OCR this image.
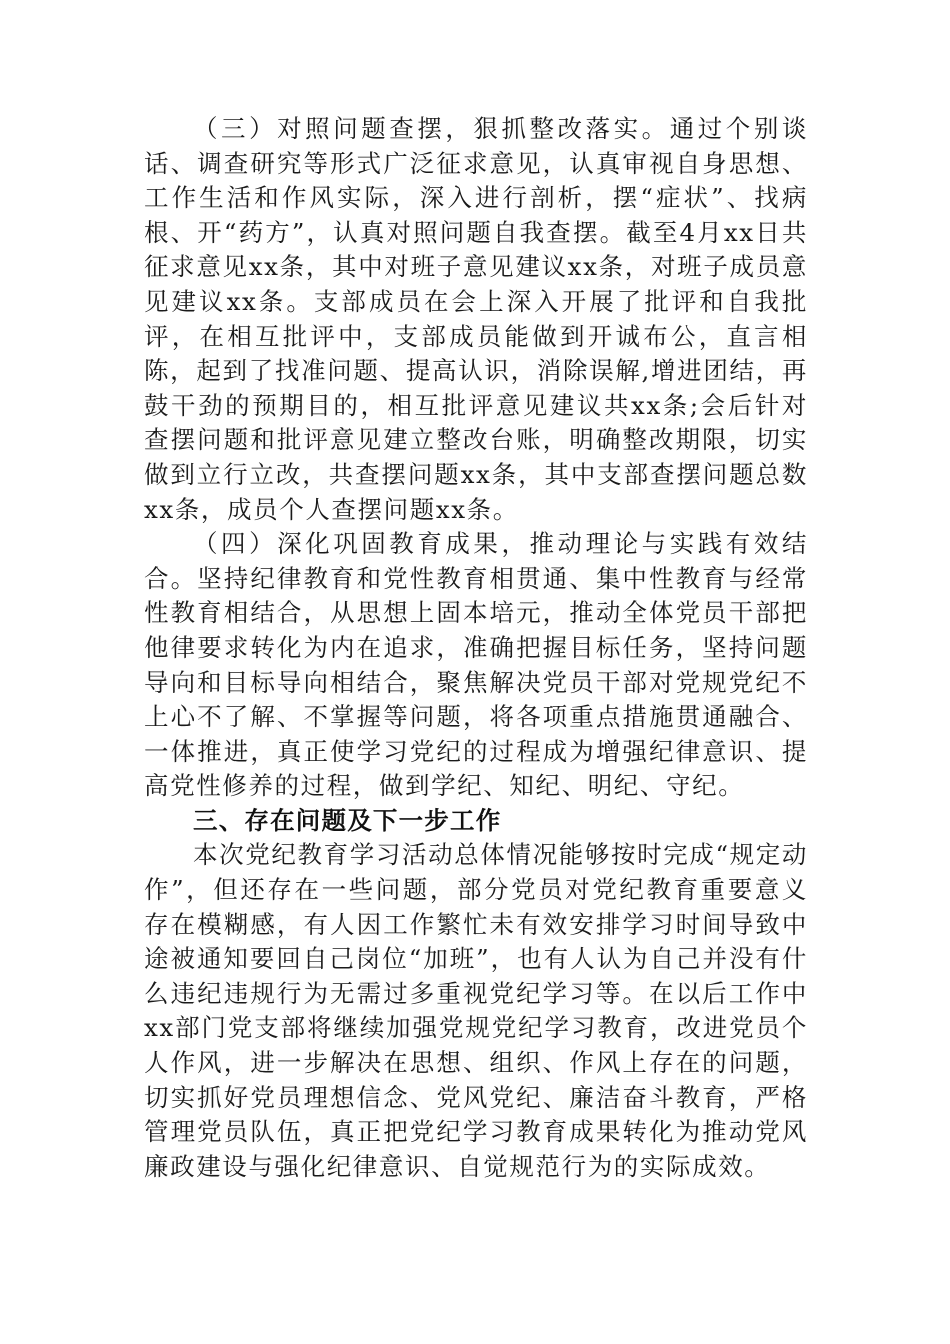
（三）对照问题查摆，狠抓整改落实。通过个别谈话、调查研究等形式广泛征求意见，认真审视自身思想、工作生活和作风实际，深入进行剖析，摆“症状”、找病根、开“药方”，认真对照问题自我查摆。截至4月xx日共征求意见xx条，其中对班子意见建议xx条，对班子成员意见建议xx条。支部成员在会上深入开展了批评和自我批评，在相互批评中，支部成员能做到开诚布公，直言相陈，起到了找准问题、提高认识，消除误解,增进团结，再鼓干劲的预期目的，相互批评意见建议共xx条;会后针对查摆问题和批评意见建立整改台账，明确整改期限，切实做到立行立改，共查摆问题xx条，其中支部查摆问题总数xx条，成员个人查摆问题xx条。

（四）深化巩固教育成果，推动理论与实践有效结合。坚持纪律教育和党性教育相贯通、集中性教育与经常性教育相结合，从思想上固本培元，推动全体党员干部把他律要求转化为内在追求，准确把握目标任务，坚持问题导向和目标导向相结合，聚焦解决党员干部对党规党纪不上心不了解、不掌握等问题，将各项重点措施贯通融合、一体推进，真正使学习党纪的过程成为增强纪律意识、提高党性修养的过程，做到学纪、知纪、明纪、守纪。

三、存在问题及下一步工作

本次党纪教育学习活动总体情况能够按时完成“规定动作”，但还存在一些问题，部分党员对党纪教育重要意义存在模糊感，有人因工作繁忙未有效安排学习时间导致中途被通知要回自己岗位“加班”，也有人认为自己并没有什么违纪违规行为无需过多重视党纪学习等。在以后工作中xx部门党支部将继续加强党规党纪学习教育，改进党员个人作风，进一步解决在思想、组织、作风上存在的问题，切实抓好党员理想信念、党风党纪、廉洁奋斗教育，严格管理党员队伍，真正把党纪学习教育成果转化为推动党风廉政建设与强化纪律意识、自觉规范行为的实际成效。
